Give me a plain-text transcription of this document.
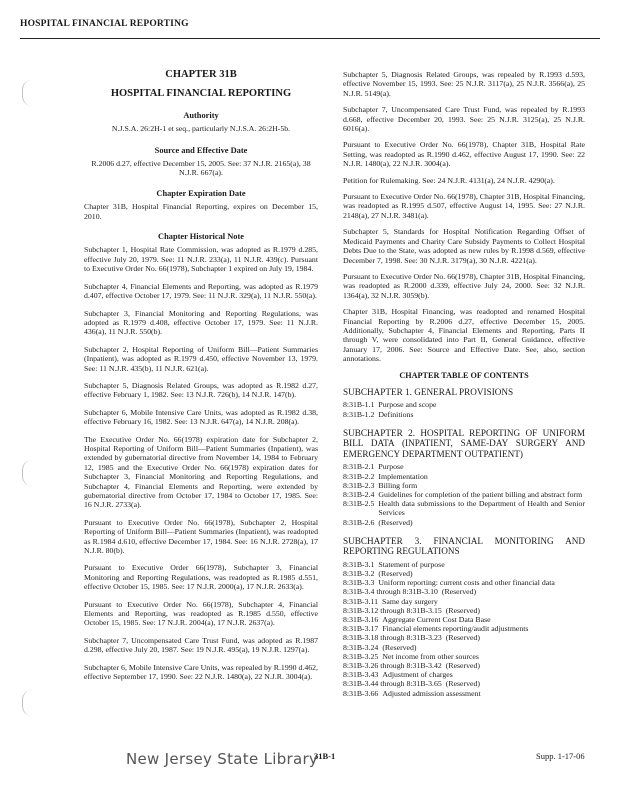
HOSPITAL FINANCIAL REPORTING
CHAPTER 31B
HOSPITAL FINANCIAL REPORTING
Authority
N.J.S.A. 26:2H-1 et seq., particularly N.J.S.A. 26:2H-5b.
Source and Effective Date
R.2006 d.27, effective December 15, 2005. See: 37 N.J.R. 2165(a), 38 N.J.R. 667(a).
Chapter Expiration Date
Chapter 31B, Hospital Financial Reporting, expires on December 15, 2010.
Chapter Historical Note
Subchapter 1, Hospital Rate Commission, was adopted as R.1979 d.285, effective July 20, 1979. See: 11 N.J.R. 233(a), 11 N.J.R. 439(c). Pursuant to Executive Order No. 66(1978), Subchapter 1 expired on July 19, 1984.
Subchapter 4, Financial Elements and Reporting, was adopted as R.1979 d.407, effective October 17, 1979. See: 11 N.J.R. 329(a), 11 N.J.R. 550(a).
Subchapter 3, Financial Monitoring and Reporting Regulations, was adopted as R.1979 d.408, effective October 17, 1979. See: 11 N.J.R. 436(a), 11 N.J.R. 550(b).
Subchapter 2, Hospital Reporting of Uniform Bill—Patient Summaries (Inpatient), was adopted as R.1979 d.450, effective November 13, 1979. See: 11 N.J.R. 435(b), 11 N.J.R. 621(a).
Subchapter 5, Diagnosis Related Groups, was adopted as R.1982 d.27, effective February 1, 1982. See: 13 N.J.R. 726(b), 14 N.J.R. 147(b).
Subchapter 6, Mobile Intensive Care Units, was adopted as R.1982 d.38, effective February 16, 1982. See: 13 N.J.R. 647(a), 14 N.J.R. 208(a).
The Executive Order No. 66(1978) expiration date for Subchapter 2, Hospital Reporting of Uniform Bill—Patient Summaries (Inpatient), was extended by gubernatorial directive from November 14, 1984 to February 12, 1985 and the Executive Order No. 66(1978) expiration dates for Subchapter 3, Financial Monitoring and Reporting Regulations, and Subchapter 4, Financial Elements and Reporting, were extended by gubernatorial directive from October 17, 1984 to October 17, 1985. See: 16 N.J.R. 2733(a).
Pursuant to Executive Order No. 66(1978), Subchapter 2, Hospital Reporting of Uniform Bill—Patient Summaries (Inpatient), was readopted as R.1984 d.610, effective December 17, 1984. See: 16 N.J.R. 2728(a), 17 N.J.R. 80(b).
Pursuant to Executive Order 66(1978), Subchapter 3, Financial Monitoring and Reporting Regulations, was readopted as R.1985 d.551, effective October 15, 1985. See: 17 N.J.R. 2000(a), 17 N.J.R. 2633(a).
Pursuant to Executive Order No. 66(1978), Subchapter 4, Financial Elements and Reporting, was readopted as R.1985 d.550, effective October 15, 1985. See: 17 N.J.R. 2004(a), 17 N.J.R. 2637(a).
Subchapter 7, Uncompensated Care Trust Fund, was adopted as R.1987 d.298, effective July 20, 1987. See: 19 N.J.R. 495(a), 19 N.J.R. 1297(a).
Subchapter 6, Mobile Intensive Care Units, was repealed by R.1990 d.462, effective September 17, 1990. See: 22 N.J.R. 1480(a), 22 N.J.R. 3004(a).
Subchapter 5, Diagnosis Related Groups, was repealed by R.1993 d.593, effective November 15, 1993. See: 25 N.J.R. 3117(a), 25 N.J.R. 3566(a), 25 N.J.R. 5149(a).
Subchapter 7, Uncompensated Care Trust Fund, was repealed by R.1993 d.668, effective December 20, 1993. See: 25 N.J.R. 3125(a), 25 N.J.R. 6016(a).
Pursuant to Executive Order No. 66(1978), Chapter 31B, Hospital Rate Setting, was readopted as R.1990 d.462, effective August 17, 1990. See: 22 N.J.R. 1480(a), 22 N.J.R. 3004(a).
Petition for Rulemaking. See: 24 N.J.R. 4131(a), 24 N.J.R. 4290(a).
Pursuant to Executive Order No. 66(1978), Chapter 31B, Hospital Financing, was readopted as R.1995 d.507, effective August 14, 1995. See: 27 N.J.R. 2148(a), 27 N.J.R. 3481(a).
Subchapter 5, Standards for Hospital Notification Regarding Offset of Medicaid Payments and Charity Care Subsidy Payments to Collect Hospital Debts Due to the State, was adopted as new rules by R.1998 d.569, effective December 7, 1998. See: 30 N.J.R. 3179(a), 30 N.J.R. 4221(a).
Pursuant to Executive Order No. 66(1978), Chapter 31B, Hospital Financing, was readopted as R.2000 d.339, effective July 24, 2000. See: 32 N.J.R. 1364(a), 32 N.J.R. 3059(b).
Chapter 31B, Hospital Financing, was readopted and renamed Hospital Financial Reporting by R.2006 d.27, effective December 15, 2005. Additionally, Subchapter 4, Financial Elements and Reporting, Parts II through V, were consolidated into Part II, General Guidance, effective January 17, 2006. See: Source and Effective Date. See, also, section annotations.
CHAPTER TABLE OF CONTENTS
SUBCHAPTER 1. GENERAL PROVISIONS
8:31B-1.1 Purpose and scope
8:31B-1.2 Definitions
SUBCHAPTER 2. HOSPITAL REPORTING OF UNIFORM BILL DATA (INPATIENT, SAME-DAY SURGERY AND EMERGENCY DEPARTMENT OUTPATIENT)
8:31B-2.1 Purpose
8:31B-2.2 Implementation
8:31B-2.3 Billing form
8:31B-2.4 Guidelines for completion of the patient billing and abstract form
8:31B-2.5 Health data submissions to the Department of Health and Senior Services
8:31B-2.6 (Reserved)
SUBCHAPTER 3. FINANCIAL MONITORING AND REPORTING REGULATIONS
8:31B-3.1 Statement of purpose
8:31B-3.2 (Reserved)
8:31B-3.3 Uniform reporting: current costs and other financial data
8:31B-3.4 through 8:31B-3.10 (Reserved)
8:31B-3.11 Same day surgery
8:31B-3.12 through 8:31B-3.15 (Reserved)
8:31B-3.16 Aggregate Current Cost Data Base
8:31B-3.17 Financial elements reporting/audit adjustments
8:31B-3.18 through 8:31B-3.23 (Reserved)
8:31B-3.24 (Reserved)
8:31B-3.25 Net income from other sources
8:31B-3.26 through 8:31B-3.42 (Reserved)
8:31B-3.43 Adjustment of charges
8:31B-3.44 through 8:31B-3.65 (Reserved)
8:31B-3.66 Adjusted admission assessment
New Jersey State Library
31B-1	Supp. 1-17-06
